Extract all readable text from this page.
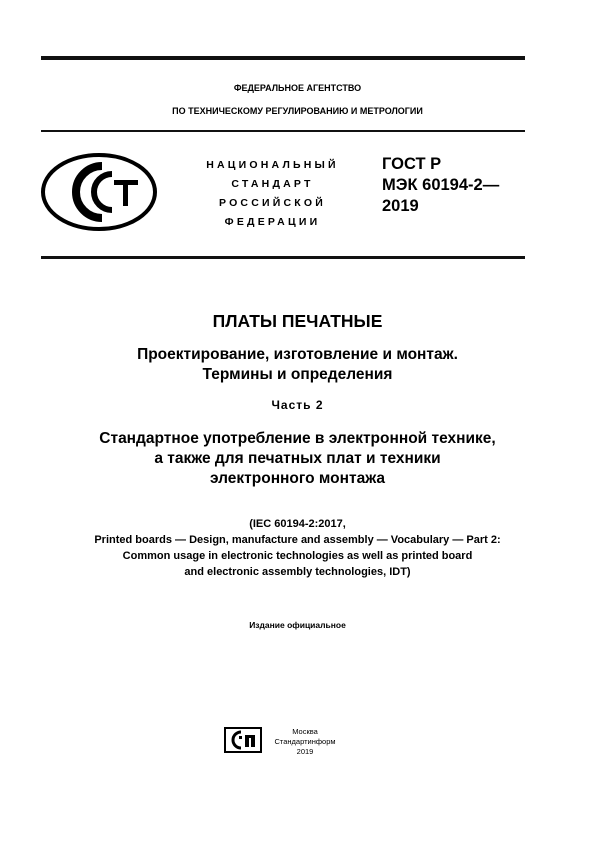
ФЕДЕРАЛЬНОЕ АГЕНТСТВО
ПО ТЕХНИЧЕСКОМУ РЕГУЛИРОВАНИЮ И МЕТРОЛОГИИ
НАЦИОНАЛЬНЫЙ
СТАНДАРТ
РОССИЙСКОЙ
ФЕДЕРАЦИИ
ГОСТ Р
МЭК 60194-2—
2019
ПЛАТЫ ПЕЧАТНЫЕ
Проектирование, изготовление и монтаж.
Термины и определения
Часть 2
Стандартное употребление в электронной технике,
а также для печатных плат и техники
электронного монтажа
(IEC 60194-2:2017,
Printed boards — Design, manufacture and assembly — Vocabulary — Part 2:
Common usage in electronic technologies as well as printed board
and electronic assembly technologies, IDT)
Издание официальное
Москва
Стандартинформ
2019
